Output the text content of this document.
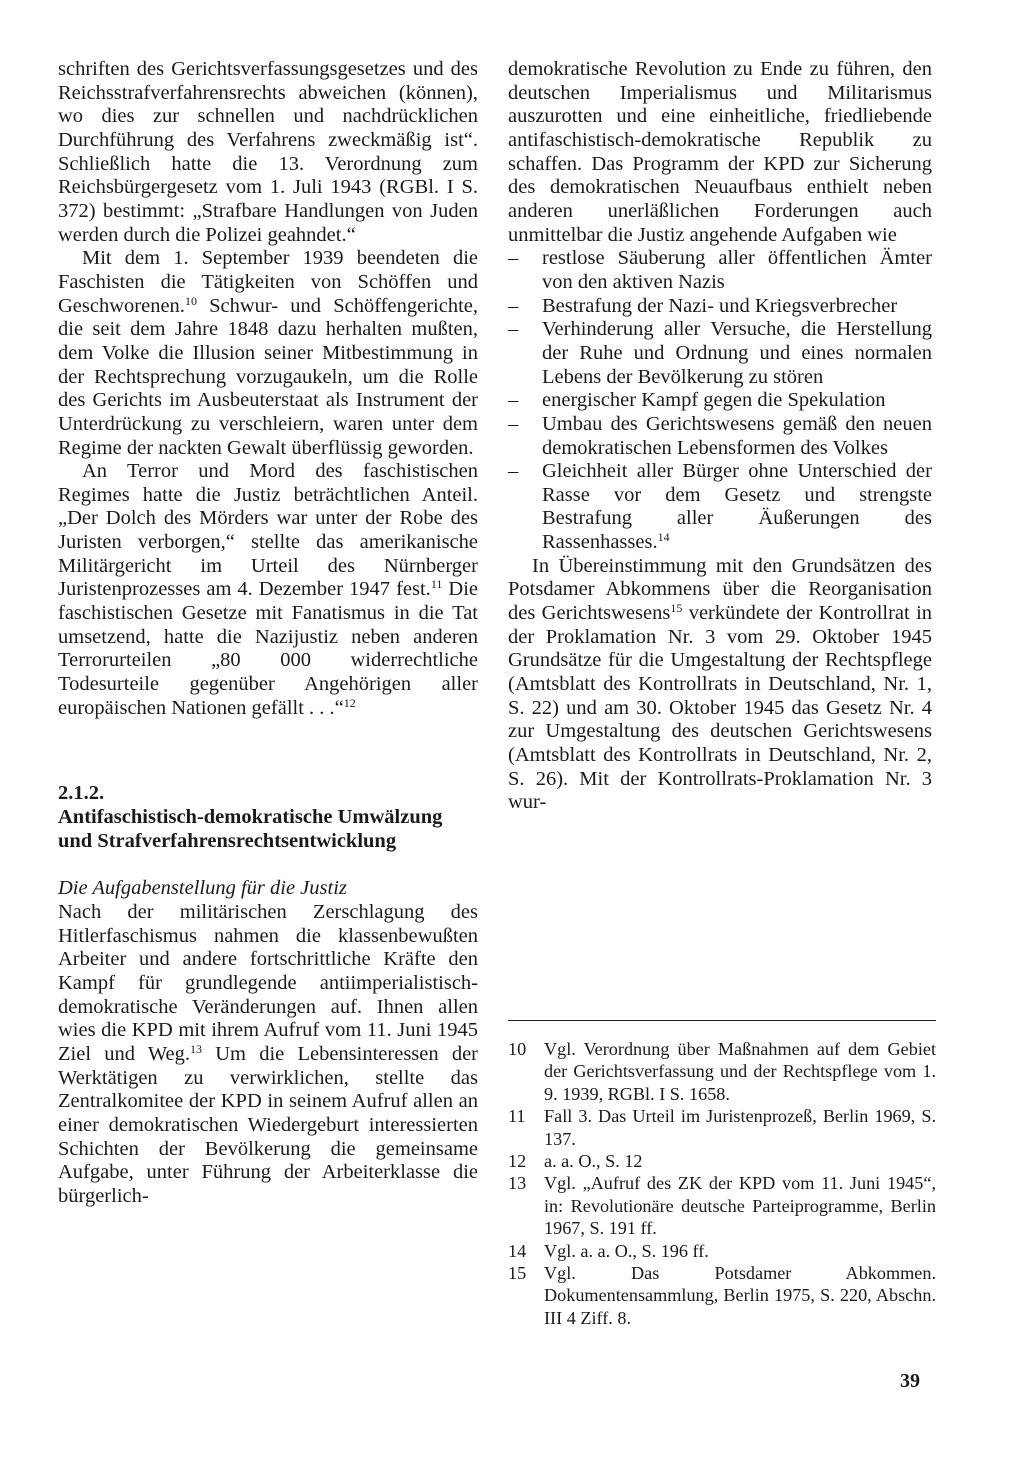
schriften des Gerichtsverfassungsgesetzes und des Reichsstrafverfahrensrechts abweichen (können), wo dies zur schnellen und nachdrücklichen Durchführung des Verfahrens zweckmäßig ist“. Schließlich hatte die 13. Verordnung zum Reichsbürgergesetz vom 1. Juli 1943 (RGBl. I S. 372) bestimmt: „Strafbare Handlungen von Juden werden durch die Polizei geahndet.“

Mit dem 1. September 1939 beendeten die Faschisten die Tätigkeiten von Schöffen und Geschworenen.$^{10}$ Schwur- und Schöffengerichte, die seit dem Jahre 1848 dazu herhalten mußten, dem Volke die Illusion seiner Mitbestimmung in der Rechtsprechung vorzugaukeln, um die Rolle des Gerichts im Ausbeuterstaat als Instrument der Unterdrückung zu verschleiern, waren unter dem Regime der nackten Gewalt überflüssig geworden.

An Terror und Mord des faschistischen Regimes hatte die Justiz beträchtlichen Anteil. „Der Dolch des Mörders war unter der Robe des Juristen verborgen,“ stellte das amerikanische Militärgericht im Urteil des Nürnberger Juristenprozesses am 4. Dezember 1947 fest.$^{11}$ Die faschistischen Gesetze mit Fanatismus in die Tat umsetzend, hatte die Nazijustiz neben anderen Terrorurteilen „80 000 widerrechtliche Todesurteile gegenüber Angehörigen aller europäischen Nationen gefällt . . .“$^{12}$

2.1.2.

Antifaschistisch-demokratische Umwälzung

und Strafverfahrensrechtsentwicklung

Die Aufgabenstellung für die Justiz

Nach der militärischen Zerschlagung des Hitlerfaschismus nahmen die klassenbewußten Arbeiter und andere fortschrittliche Kräfte den Kampf für grundlegende antiimperialistisch-demokratische Veränderungen auf. Ihnen allen wies die KPD mit ihrem Aufruf vom 11. Juni 1945 Ziel und Weg.$^{13}$ Um die Lebensinteressen der Werktätigen zu verwirklichen, stellte das Zentralkomitee der KPD in seinem Aufruf allen an einer demokratischen Wiedergeburt interessierten Schichten der Bevölkerung die gemeinsame Aufgabe, unter Führung der Arbeiterklasse die bürgerlich-

demokratische Revolution zu Ende zu führen, den deutschen Imperialismus und Militarismus auszurotten und eine einheitliche, friedliebende antifaschistisch-demokratische Republik zu schaffen. Das Programm der KPD zur Sicherung des demokratischen Neuaufbaus enthielt neben anderen unerläßlichen Forderungen auch unmittelbar die Justiz angehende Aufgaben wie

– restlose Säuberung aller öffentlichen Ämter von den aktiven Nazis
– Bestrafung der Nazi- und Kriegsverbrecher
– Verhinderung aller Versuche, die Herstellung der Ruhe und Ordnung und eines normalen Lebens der Bevölkerung zu stören
– energischer Kampf gegen die Spekulation
– Umbau des Gerichtswesens gemäß den neuen demokratischen Lebensformen des Volkes
– Gleichheit aller Bürger ohne Unterschied der Rasse vor dem Gesetz und strengste Bestrafung aller Äußerungen des Rassenhasses.$^{14}$

In Übereinstimmung mit den Grundsätzen des Potsdamer Abkommens über die Reorganisation des Gerichtswesens$^{15}$ verkündete der Kontrollrat in der Proklamation Nr. 3 vom 29. Oktober 1945 Grundsätze für die Umgestaltung der Rechtspflege (Amtsblatt des Kontrollrats in Deutschland, Nr. 1, S. 22) und am 30. Oktober 1945 das Gesetz Nr. 4 zur Umgestaltung des deutschen Gerichtswesens (Amtsblatt des Kontrollrats in Deutschland, Nr. 2, S. 26). Mit der Kontrollrats-Proklamation Nr. 3 wur-

10 Vgl. Verordnung über Maßnahmen auf dem Gebiet der Gerichtsverfassung und der Rechtspflege vom 1. 9. 1939, RGBl. I S. 1658.

11 Fall 3. Das Urteil im Juristenprozeß, Berlin 1969, S. 137.

12 a. a. O., S. 12

13 Vgl. „Aufruf des ZK der KPD vom 11. Juni 1945“, in: Revolutionäre deutsche Parteiprogramme, Berlin 1967, S. 191 ff.

14 Vgl. a. a. O., S. 196 ff.

15 Vgl. Das Potsdamer Abkommen. Dokumentensammlung, Berlin 1975, S. 220, Abschn. III 4 Ziff. 8.

39
